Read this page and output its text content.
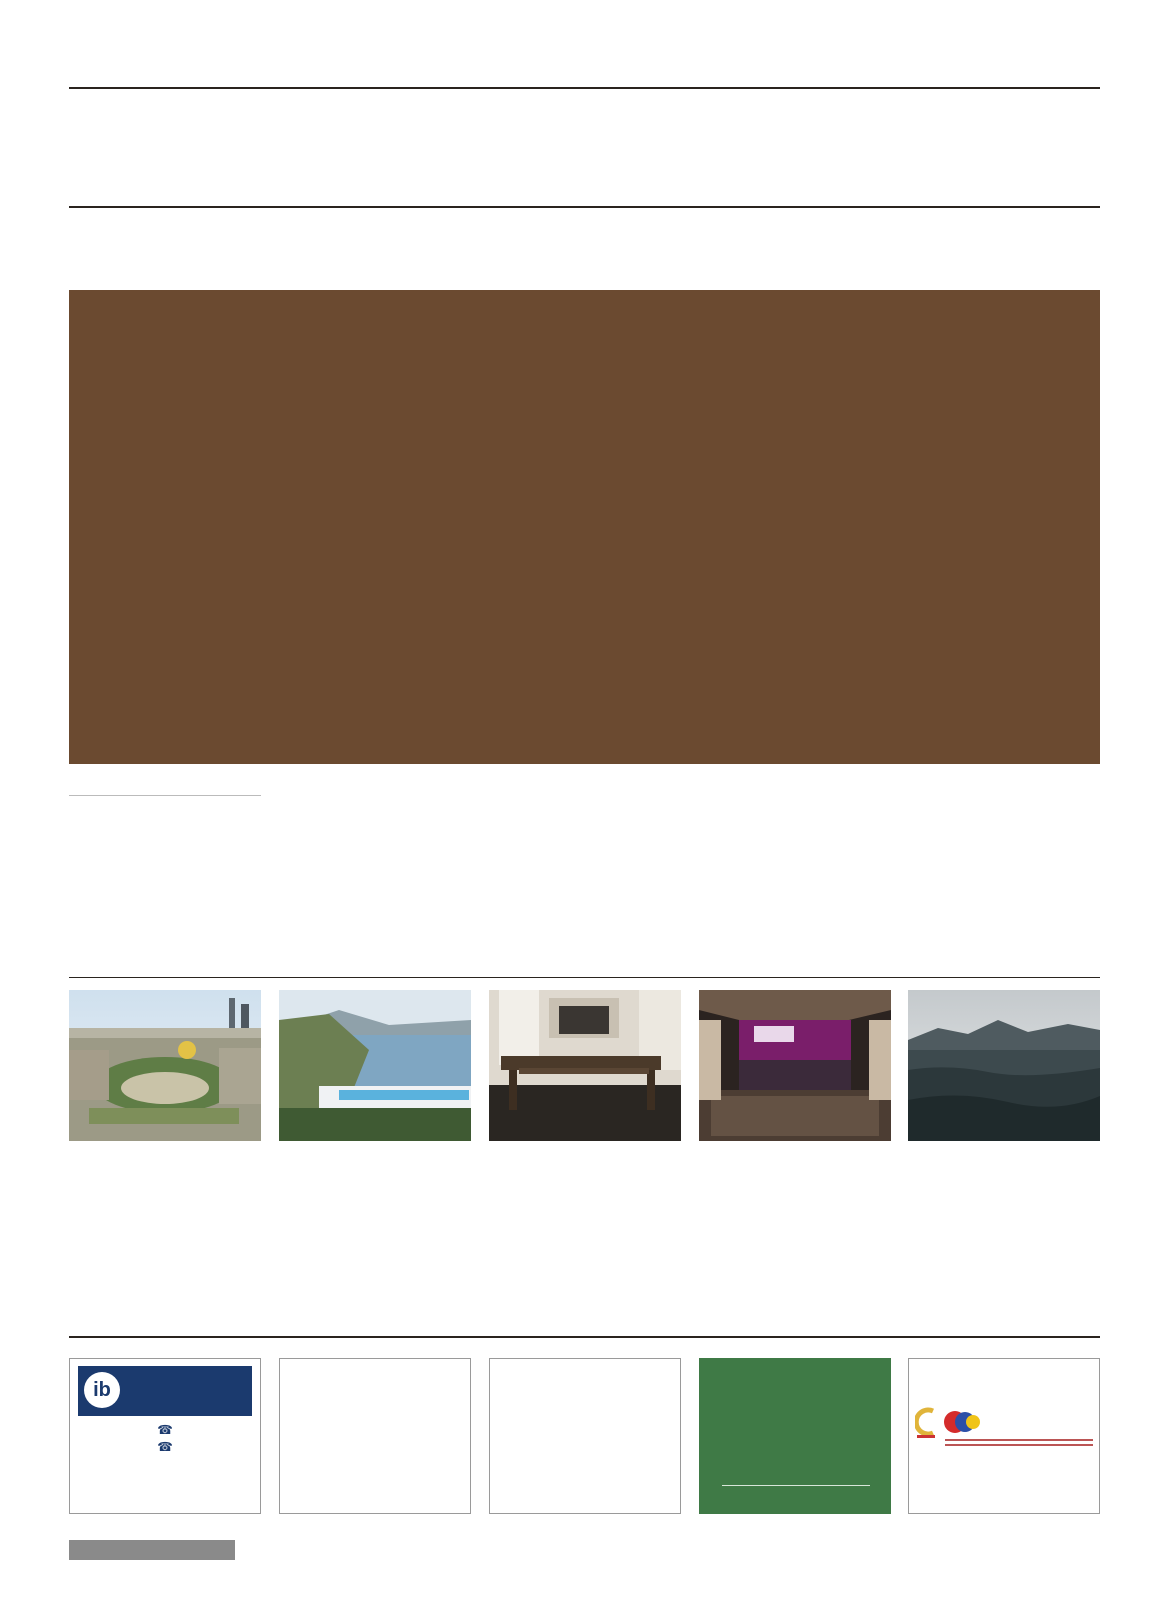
ib
☎
☎
